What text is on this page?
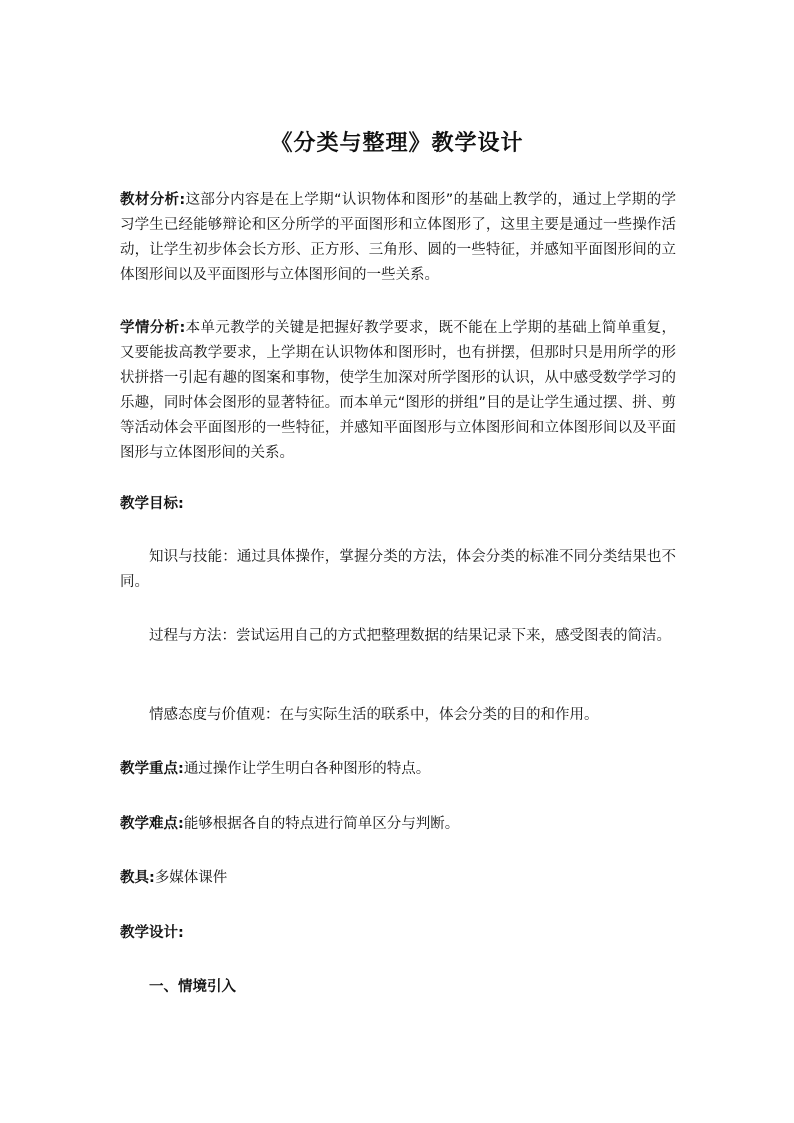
《分类与整理》教学设计

教材分析:这部分内容是在上学期“认识物体和图形”的基础上教学的，通过上学期的学习学生已经能够辩论和区分所学的平面图形和立体图形了，这里主要是通过一些操作活动，让学生初步体会长方形、正方形、三角形、圆的一些特征，并感知平面图形间的立体图形间以及平面图形与立体图形间的一些关系。

学情分析:本单元教学的关键是把握好教学要求，既不能在上学期的基础上简单重复，又要能拔高教学要求，上学期在认识物体和图形时，也有拼摆，但那时只是用所学的形状拼搭一引起有趣的图案和事物，使学生加深对所学图形的认识，从中感受数学学习的乐趣，同时体会图形的显著特征。而本单元“图形的拼组”目的是让学生通过摆、拼、剪等活动体会平面图形的一些特征，并感知平面图形与立体图形间和立体图形间以及平面图形与立体图形间的关系。

教学目标:

知识与技能：通过具体操作，掌握分类的方法，体会分类的标准不同分类结果也不同。

过程与方法：尝试运用自己的方式把整理数据的结果记录下来，感受图表的简洁。

情感态度与价值观：在与实际生活的联系中，体会分类的目的和作用。

教学重点:通过操作让学生明白各种图形的特点。

教学难点:能够根据各自的特点进行简单区分与判断。

教具:多媒体课件

教学设计:

一、情境引入
